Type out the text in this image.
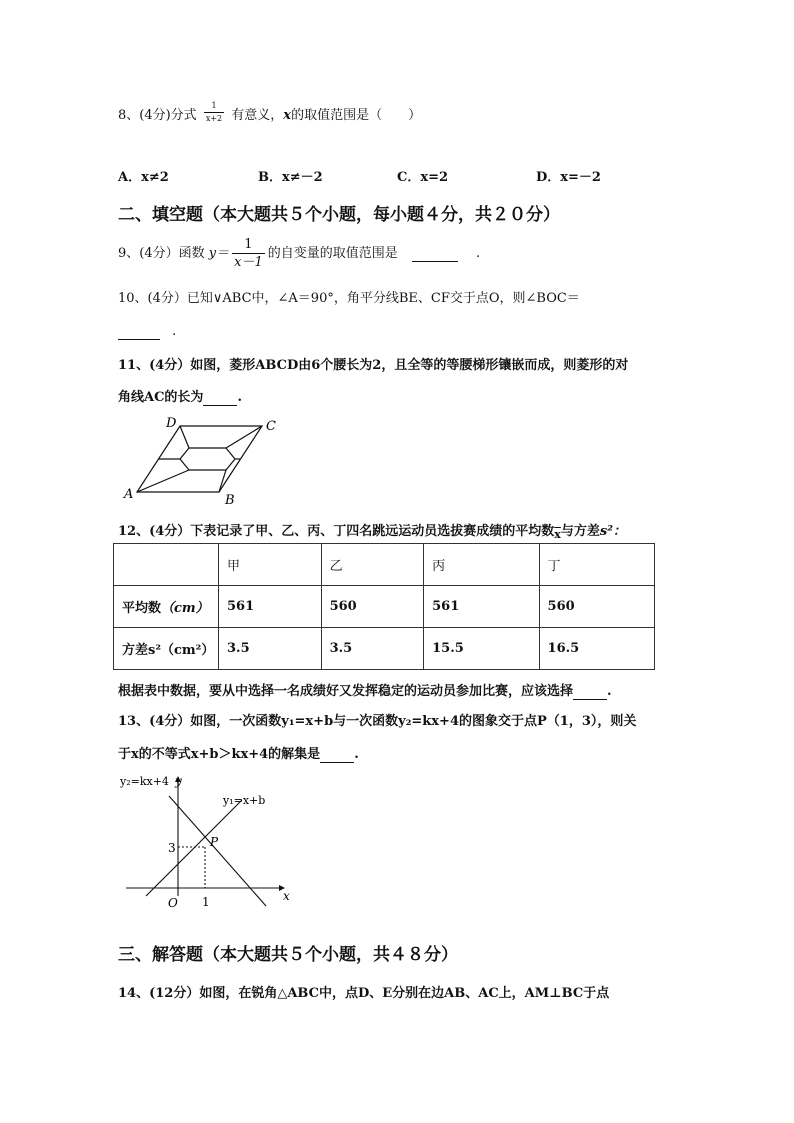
8、(4分)分式 $\frac{1}{x+2}$ 有意义，x的取值范围是（　　）
A．x≠2	B．x≠－2	C．x=2	D．x=－2
二、填空题（本大题共５个小题，每小题４分，共２０分）
9、(4分）函数 $y= \frac{1}{x-1}$ 的自变量的取值范围是	.
10、(4分）已知∨ABC中，∠A＝90°，角平分线BE、CF交于点O，则∠BOC＝
.
11、(4分）如图，菱形ABCD由6个腰长为2，且全等的等腰梯形镶嵌而成，则菱形的对
角线AC的长为	.
D	C
A	B
12、(4分）下表记录了甲、乙、丙、丁四名跳远运动员选拔赛成绩的平均数$_{\overline{x}}$与方差s²：
	甲	乙	丙	丁
平均数（cm）	561	560	561	560
方差s²（cm²）	3.5	3.5	15.5	16.5
根据表中数据，要从中选择一名成绩好又发挥稳定的运动员参加比赛，应该选择	.
13、(4分）如图，一次函数y₁=x+b与一次函数y₂=kx+4的图象交于点P（1，3），则关
于x的不等式x+b＞kx+4的解集是	.
y₂=kx+4 y
y₁=x+b
P
3
O 1	x
三、解答题（本大题共５个小题，共４８分）
14、(12分）如图，在锐角△ABC中，点D、E分别在边AB、AC上，AM⊥BC于点
